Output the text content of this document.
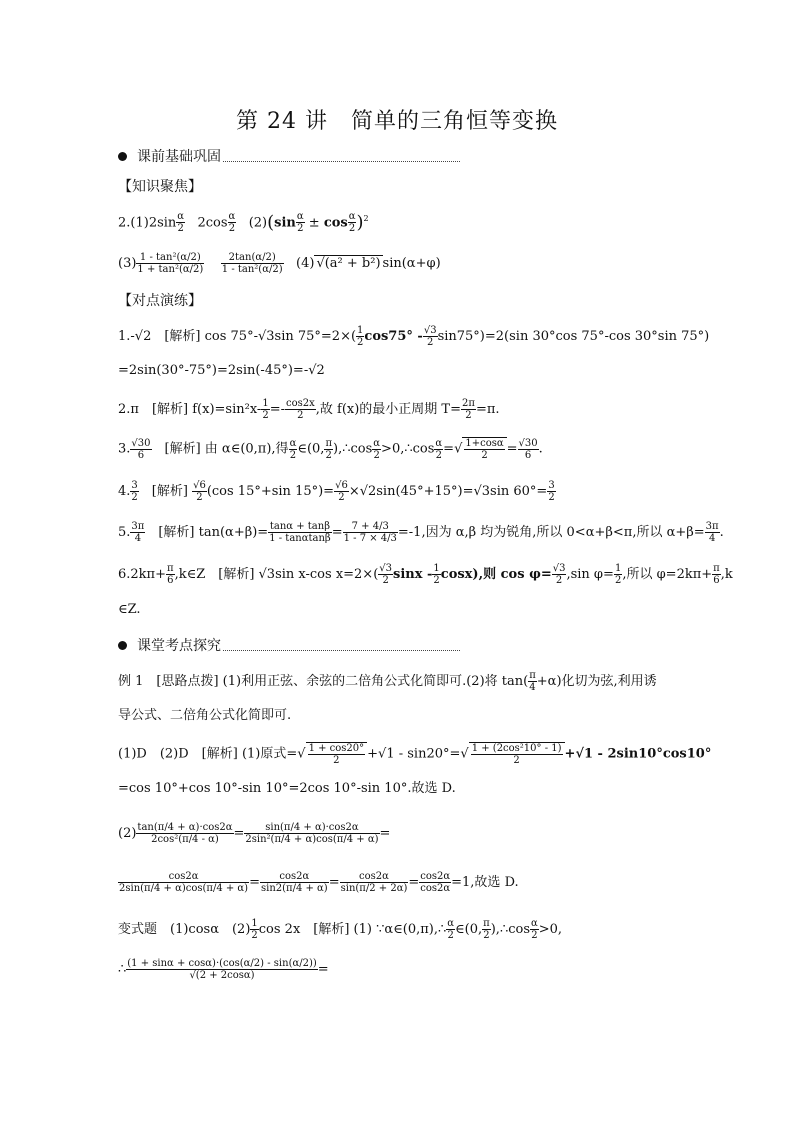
第 24 讲　简单的三角恒等变换
课前基础巩固
【知识聚焦】
$2.(1)2\sin \frac{\alpha}{2} 2\cos \frac{\alpha}{2} (2)(\sin \frac{\alpha}{2} \pm \cos \frac{\alpha}{2} )^2$
$(3) \frac{\text{1 - tan²(α/2)}}{\text{1 + tan²(α/2)}}$
$\frac{2\tan(\alpha/2)}{\text{1 - tan²(α/2)}} (4) √(a^2 + b^2)$ sin(α+φ)
【对点演练】
1.-√2　[解析] cos 75°-√3sin $75^\circ=2\times( \frac{1}{2} \cos 75^\circ - \frac{√3}{2} \sin 75^\circ)=2(\sin$ 30°cos 75°-cos 30°sin 75°)
=2sin(30°-75°)=2sin(-45°)=-√2
2.π　[解析] $f(x)=\sin^2x- \frac{1}{2} =- \frac{\cos 2x}{2}$ ,故 f(x)的最小正周期 $T= \frac{2\pi}{2} =\pi$.
3. $\frac{√30}{6}$ 　[解析] 由 α∈(0,π),得 $\frac{\alpha}{2}$ ∈(0, $\frac{\pi}{2}$ ),∴cos $\frac{\alpha}{2}$ >0,∴cos $\frac{\alpha}{2}$ =√ $\frac{1+\cos\alpha}{2} = \frac{√30}{6}$ .
4. $\frac{3}{2}$ 　[解析] $\frac{√6}{2} (\cos$ 15°+sin $15^\circ)= \frac{√6}{2} \times√2\sin(45^\circ+15^\circ)=√3\sin$ $60^\circ= \frac{3}{2}$
5. $\frac{3\pi}{4}$ 　[解析] $\tan(\alpha+\beta)= \frac{\tan\alpha + \tan\beta}{1 - \tan\alpha\tan\beta} = \frac{7 + 4/3}{1 - 7 \times 4/3} =-1$,因为 α,β 均为锐角,所以 0<α+β<π,所以 $\alpha+\beta= \frac{3\pi}{4}$ .
$6.2k\pi+ \frac{\pi}{6}$ ,k∈Z　[解析] √3sin x-cos $x=2\times( \frac{√3}{2}$ sinx - $\frac{1}{2} \cos x$),则 $\cos \varphi= \frac{√3}{2} ,\sin$ $\varphi= \frac{1}{2}$ ,所以 $\varphi=2k\pi+ \frac{\pi}{6} ,k$
∈Z.
课堂考点探究
例 1　[思路点拨] (1)利用正弦、余弦的二倍角公式化简即可.(2)将 $\tan( \frac{\pi}{4} +\alpha)$化切为弦,利用诱
导公式、二倍角公式化简即可.
(1)D　(2)D　[解析] (1)原式=√ $\frac{1 + \cos 20^\circ}{2} +√1 - \sin 20^\circ=√ \frac{\text{1 + (2cos²10° - 1)}}{2} +√1 - 2\sin 10^\circ\cos 10^\circ$
=cos 10°+cos 10°-sin 10°=2cos 10°-sin 10°.故选 D.
$(2) \frac{\tan(\pi/4 + \alpha)\cdot\cos 2\alpha}{\text{2cos²(π/4 - α)}} = \frac{\sin(\pi/4 + \alpha)\cdot\cos 2\alpha}{\text{2sin²(π/4 + α)cos(π/4 + α)}}$ =
$\frac{\cos 2\alpha}{2\sin(\pi/4 + \alpha)\cos(\pi/4 + \alpha)} = \frac{\cos 2\alpha}{\sin 2(\pi/4 + \alpha)} = \frac{\cos 2\alpha}{\sin(\pi/2 + 2\alpha)} = \frac{\cos 2\alpha}{\cos 2\alpha} =1$,故选 D.
变式题　(1)cosα　$(2) \frac{1}{2}$ cos 2x　[解析] (1) ∵α∈(0,π),∴ $\frac{\alpha}{2}$ ∈(0, $\frac{\pi}{2}$ ),∴cos $\frac{\alpha}{2} >0$,
∴ $\frac{(1 + \sin\alpha + \cos\alpha)\cdot(\cos(\alpha/2) - \sin(\alpha/2))}{√(2 + 2\cos\alpha)}$ =
